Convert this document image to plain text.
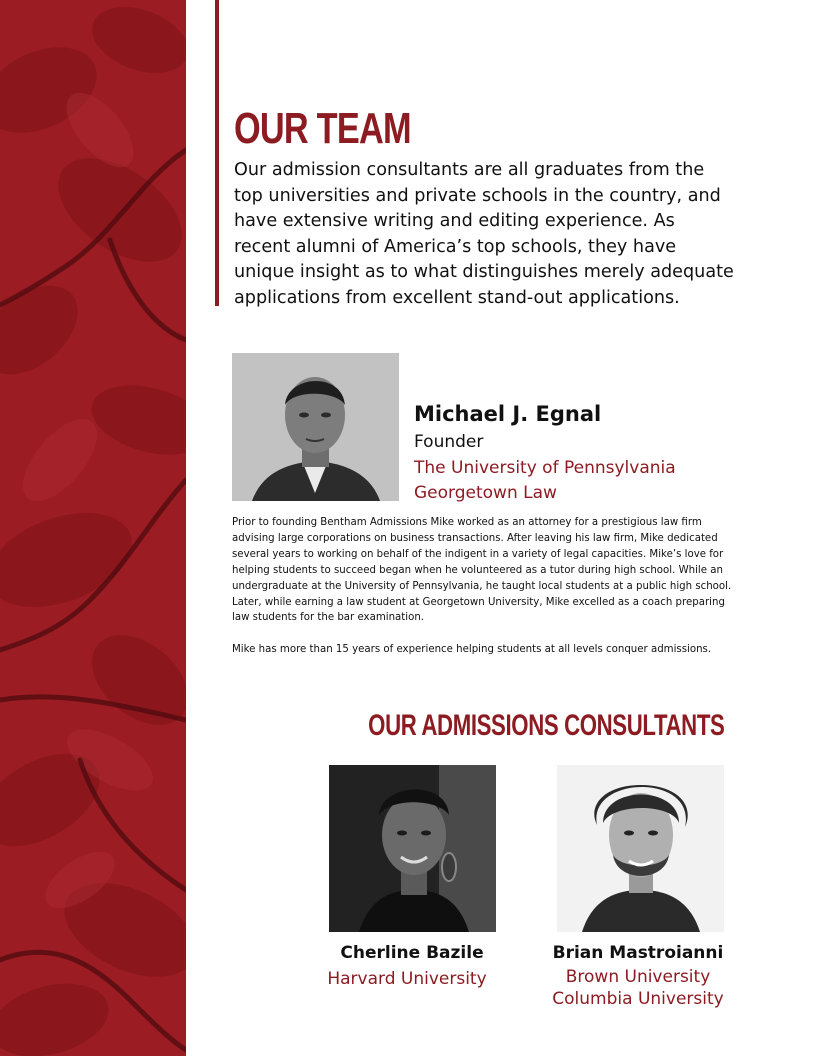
OUR TEAM

Our admission consultants are all graduates from the top universities and private schools in the country, and have extensive writing and editing experience. As recent alumni of America’s top schools, they have unique insight as to what distinguishes merely adequate applications from excellent stand-out applications.

Michael J. Egnal

Founder

The University of Pennsylvania

Georgetown Law

Prior to founding Bentham Admissions Mike worked as an attorney for a prestigious law firm advising large corporations on business transactions. After leaving his law firm, Mike dedicated several years to working on behalf of the indigent in a variety of legal capacities. Mike’s love for helping students to succeed began when he volunteered as a tutor during high school. While an undergraduate at the University of Pennsylvania, he taught local students at a public high school. Later, while earning a law student at Georgetown University, Mike excelled as a coach preparing law students for the bar examination.

Mike has more than 15 years of experience helping students at all levels conquer admissions.

OUR ADMISSIONS CONSULTANTS

Cherline Bazile

Harvard University

Brian Mastroianni

Brown University

Columbia University
